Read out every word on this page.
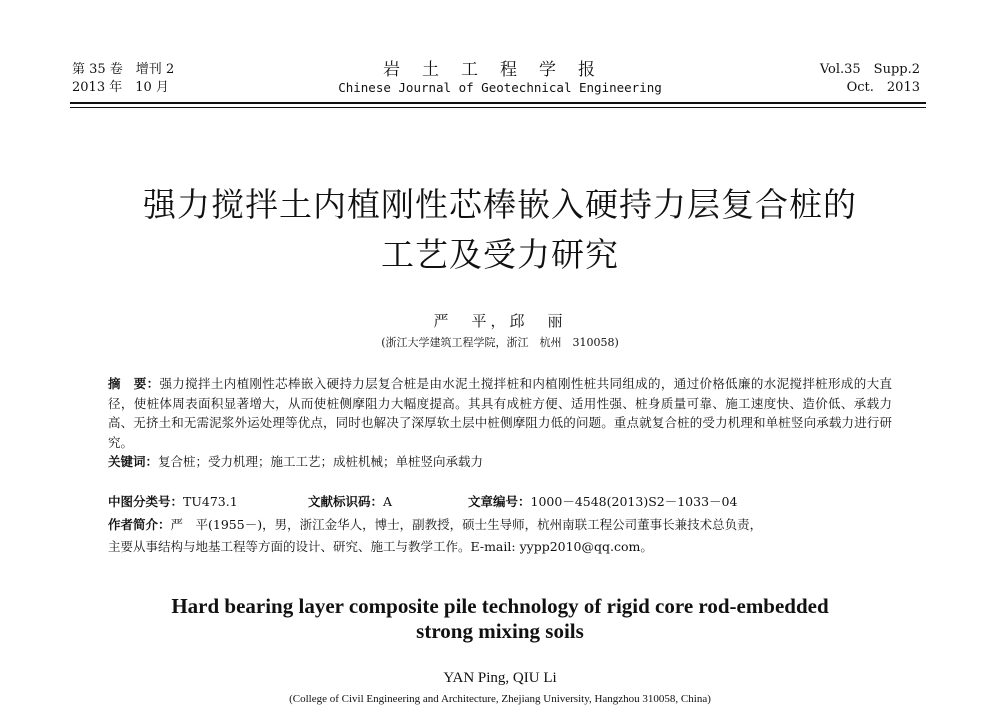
第 35 卷　增刊 2
2013 年　10 月
岩土工程学报
Chinese Journal of Geotechnical Engineering
Vol.35　Supp.2
Oct.　2013
强力搅拌土内植刚性芯棒嵌入硬持力层复合桩的
工艺及受力研究
严　平，邱　丽
(浙江大学建筑工程学院，浙江　杭州　310058)

摘　要：强力搅拌土内植刚性芯棒嵌入硬持力层复合桩是由水泥土搅拌桩和内植刚性桩共同组成的，通过价格低廉的水泥搅拌桩形成的大直径，使桩体周表面积显著增大，从而使桩侧摩阻力大幅度提高。其具有成桩方便、适用性强、桩身质量可靠、施工速度快、造价低、承载力高、无挤土和无需泥浆外运处理等优点，同时也解决了深厚软土层中桩侧摩阻力低的问题。重点就复合桩的受力机理和单桩竖向承载力进行研究。

关键词：复合桩；受力机理；施工工艺；成桩机械；单桩竖向承载力

中图分类号：TU473.1	文献标识码：A	文章编号：1000－4548(2013)S2－1033－04

作者简介：严　平(1955－)，男，浙江金华人，博士，副教授，硕士生导师，杭州南联工程公司董事长兼技术总负责，

主要从事结构与地基工程等方面的设计、研究、施工与教学工作。E-mail: yypp2010@qq.com。

Hard bearing layer composite pile technology of rigid core rod-embedded
strong mixing soils
YAN Ping, QIU Li
(College of Civil Engineering and Architecture, Zhejiang University, Hangzhou 310058, China)
